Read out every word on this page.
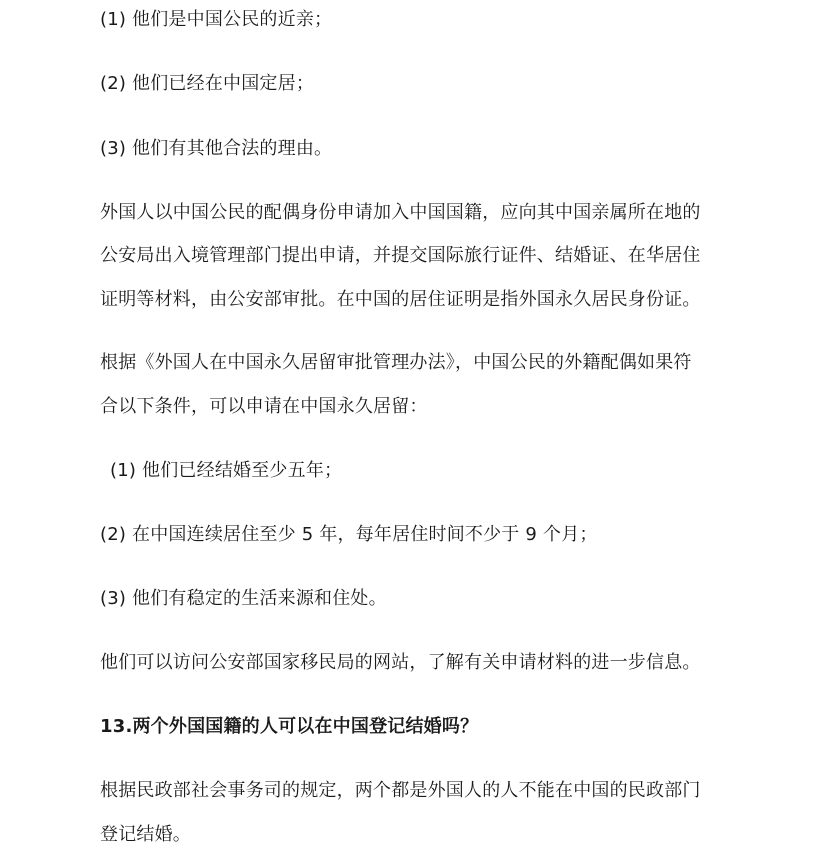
(1) 他们是中国公民的近亲；
(2) 他们已经在中国定居；
(3) 他们有其他合法的理由。
外国人以中国公民的配偶身份申请加入中国国籍，应向其中国亲属所在地的
公安局出入境管理部门提出申请，并提交国际旅行证件、结婚证、在华居住
证明等材料，由公安部审批。在中国的居住证明是指外国永久居民身份证。
根据《外国人在中国永久居留审批管理办法》，中国公民的外籍配偶如果符
合以下条件，可以申请在中国永久居留：
(1) 他们已经结婚至少五年；
(2) 在中国连续居住至少 5 年，每年居住时间不少于 9 个月；
(3) 他们有稳定的生活来源和住处。
他们可以访问公安部国家移民局的网站，了解有关申请材料的进一步信息。
13.两个外国国籍的人可以在中国登记结婚吗？
根据民政部社会事务司的规定，两个都是外国人的人不能在中国的民政部门
登记结婚。
